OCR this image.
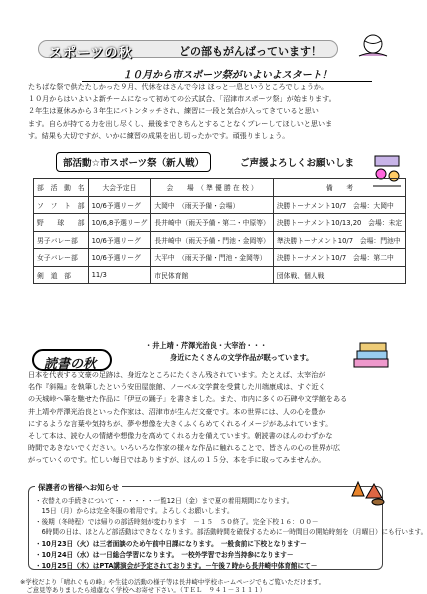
スポーツの秋	どの部もがんばっています！
１０月から市スポーツ祭がいよいよスタート！
たちばな祭で供たたしかった９月、代休をはさんで今は ほっと一息というところでしょうか。
１０月からはいよいよ新チームになって初めての公式試合、「沼津市スポーツ祭」が始まります。
２年生は夏休みから３年生にバトンタッチされ、練習に一段と気合が入ってきていると思い
ます。自らが持てる力を出し尽くし、最後まできちんとすることなくプレーしてほしいと思いま
す。結果も大切ですが、いかに練習の成果を出し切ったかです。頑張りましょう。
部活動☆市スポーツ祭（新人戦）	ご声援よろしくお願いしま
部　活　動　名	大会予定日	会　　場　（ 準 優 勝 在 校 ）	備　　考
ソ　フ　ト　部	10/6予選リーグ	大岡中　（雨天予備・会場）	決勝トーナメント10/7　会場：大岡中
野　　球　　部	10/6,8予選リーグ	長井崎中（雨天予備・第二・中原等）	決勝トーナメント10/13,20　会場：未定
男子バレー部	10/6予選リーグ	長井崎中（雨天予備・門池・金岡等）	準決勝トーナメント10/7　会場：門池中
女子バレー部	10/6予選リーグ	大平中　（雨天予備・門池・金岡等）	決勝トーナメント10/7　会場：第二中
剣　道　部	11/3	市民体育館	団体戦、個人戦
読書の秋
・井上靖・芹澤光治良・大宰治・・・
身近にたくさんの文学作品が眠っています。
日本を代表する文豪の足跡は、身近なところにたくさん残されています。たとえば、太宰治が
名作『斜陽』を執筆したという安田屋旅館、ノーベル文学賞を受賞した川端康成は、すぐ近く
の天城峠へ筆を馳せた作品に「伊豆の踊子」を書きました。また、市内に多くの石碑や文学館をある
井上靖や芹澤光治良といった作家は、沼津市が生んだ文豪です。本の世界には、人の心を豊か
にするような言葉や気持ちが、夢や想像を大きくふくらめてくれるイメージがあふれています。
そして本は、読む人の情緒や想像力を高めてくれる力を備えています。朝読書のほんのわずかな
時間であきないでください。いろいろな作家の様々な作品に触れることで、皆さんの心の世界が広
がっていくのです。忙しい毎日ではありますが、ほんの１５分、本を手に取ってみませんか。
保護者の皆様へお知らせ
・衣替えの手続きについて・・・・・・一覧12日（金）まで夏の着用期間になります。
　15日（月）からは完全冬服の着用です。よろしくお願いします。
・後期（冬時程）では帰りの部活時刻が変わります　－１５　５０終了。完全下校１６：００－
　6時間の日は、ほとんど部活動はできなくなります。部活動時間を確保するために一時間目の開始時刻を（月曜日）にも行います。
・10月23日（火）は三者面談のため午前中日課になります。　一般食前に下校となります－
・10月24日（水）は一日総合学習になります。　一校外学習でお弁当持参になります－
・10月25日（木）はPTA講演会が予定されております。－午後７時から長井崎中体育館にて－
※学校だより「晴れぐもの峰」や生徒の活動の様子等は長井崎中学校ホームページでもご覧いただけます。
　ご意見等ありましたら遠慮なく学校へお寄せ下さい。（ＴＥＬ　９４１－３１１１）
